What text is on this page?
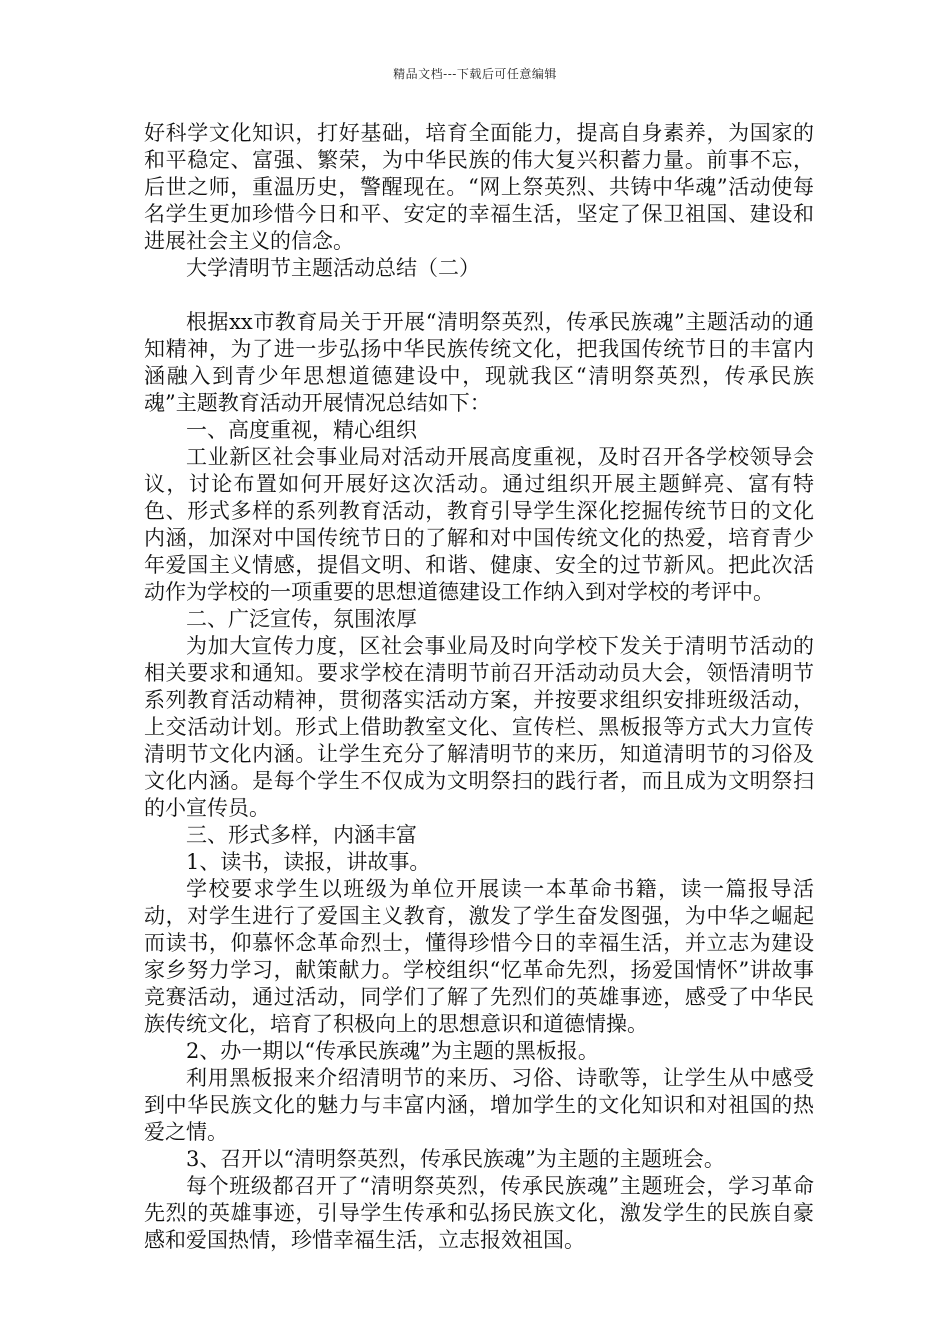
精品文档---下载后可任意编辑

好科学文化知识，打好基础，培育全面能力，提高自身素养，为国家的和平稳定、富强、繁荣，为中华民族的伟大复兴积蓄力量。前事不忘，后世之师，重温历史，警醒现在。“网上祭英烈、共铸中华魂”活动使每名学生更加珍惜今日和平、安定的幸福生活，坚定了保卫祖国、建设和进展社会主义的信念。

大学清明节主题活动总结（二）

根据xx市教育局关于开展“清明祭英烈，传承民族魂”主题活动的通知精神，为了进一步弘扬中华民族传统文化，把我国传统节日的丰富内涵融入到青少年思想道德建设中，现就我区“清明祭英烈，传承民族魂”主题教育活动开展情况总结如下：

一、高度重视，精心组织

工业新区社会事业局对活动开展高度重视，及时召开各学校领导会议，讨论布置如何开展好这次活动。通过组织开展主题鲜亮、富有特色、形式多样的系列教育活动，教育引导学生深化挖掘传统节日的文化内涵，加深对中国传统节日的了解和对中国传统文化的热爱，培育青少年爱国主义情感，提倡文明、和谐、健康、安全的过节新风。把此次活动作为学校的一项重要的思想道德建设工作纳入到对学校的考评中。

二、广泛宣传，氛围浓厚

为加大宣传力度，区社会事业局及时向学校下发关于清明节活动的相关要求和通知。要求学校在清明节前召开活动动员大会，领悟清明节系列教育活动精神，贯彻落实活动方案，并按要求组织安排班级活动，上交活动计划。形式上借助教室文化、宣传栏、黑板报等方式大力宣传清明节文化内涵。让学生充分了解清明节的来历，知道清明节的习俗及文化内涵。是每个学生不仅成为文明祭扫的践行者，而且成为文明祭扫的小宣传员。

三、形式多样，内涵丰富

1、读书，读报，讲故事。

学校要求学生以班级为单位开展读一本革命书籍，读一篇报导活动，对学生进行了爱国主义教育，激发了学生奋发图强，为中华之崛起而读书，仰慕怀念革命烈士，懂得珍惜今日的幸福生活，并立志为建设家乡努力学习，献策献力。学校组织“忆革命先烈，扬爱国情怀”讲故事竞赛活动，通过活动，同学们了解了先烈们的英雄事迹，感受了中华民族传统文化，培育了积极向上的思想意识和道德情操。

2、办一期以“传承民族魂”为主题的黑板报。

利用黑板报来介绍清明节的来历、习俗、诗歌等，让学生从中感受到中华民族文化的魅力与丰富内涵，增加学生的文化知识和对祖国的热爱之情。

3、召开以“清明祭英烈，传承民族魂”为主题的主题班会。

每个班级都召开了“清明祭英烈，传承民族魂”主题班会，学习革命先烈的英雄事迹，引导学生传承和弘扬民族文化，激发学生的民族自豪感和爱国热情，珍惜幸福生活，立志报效祖国。
